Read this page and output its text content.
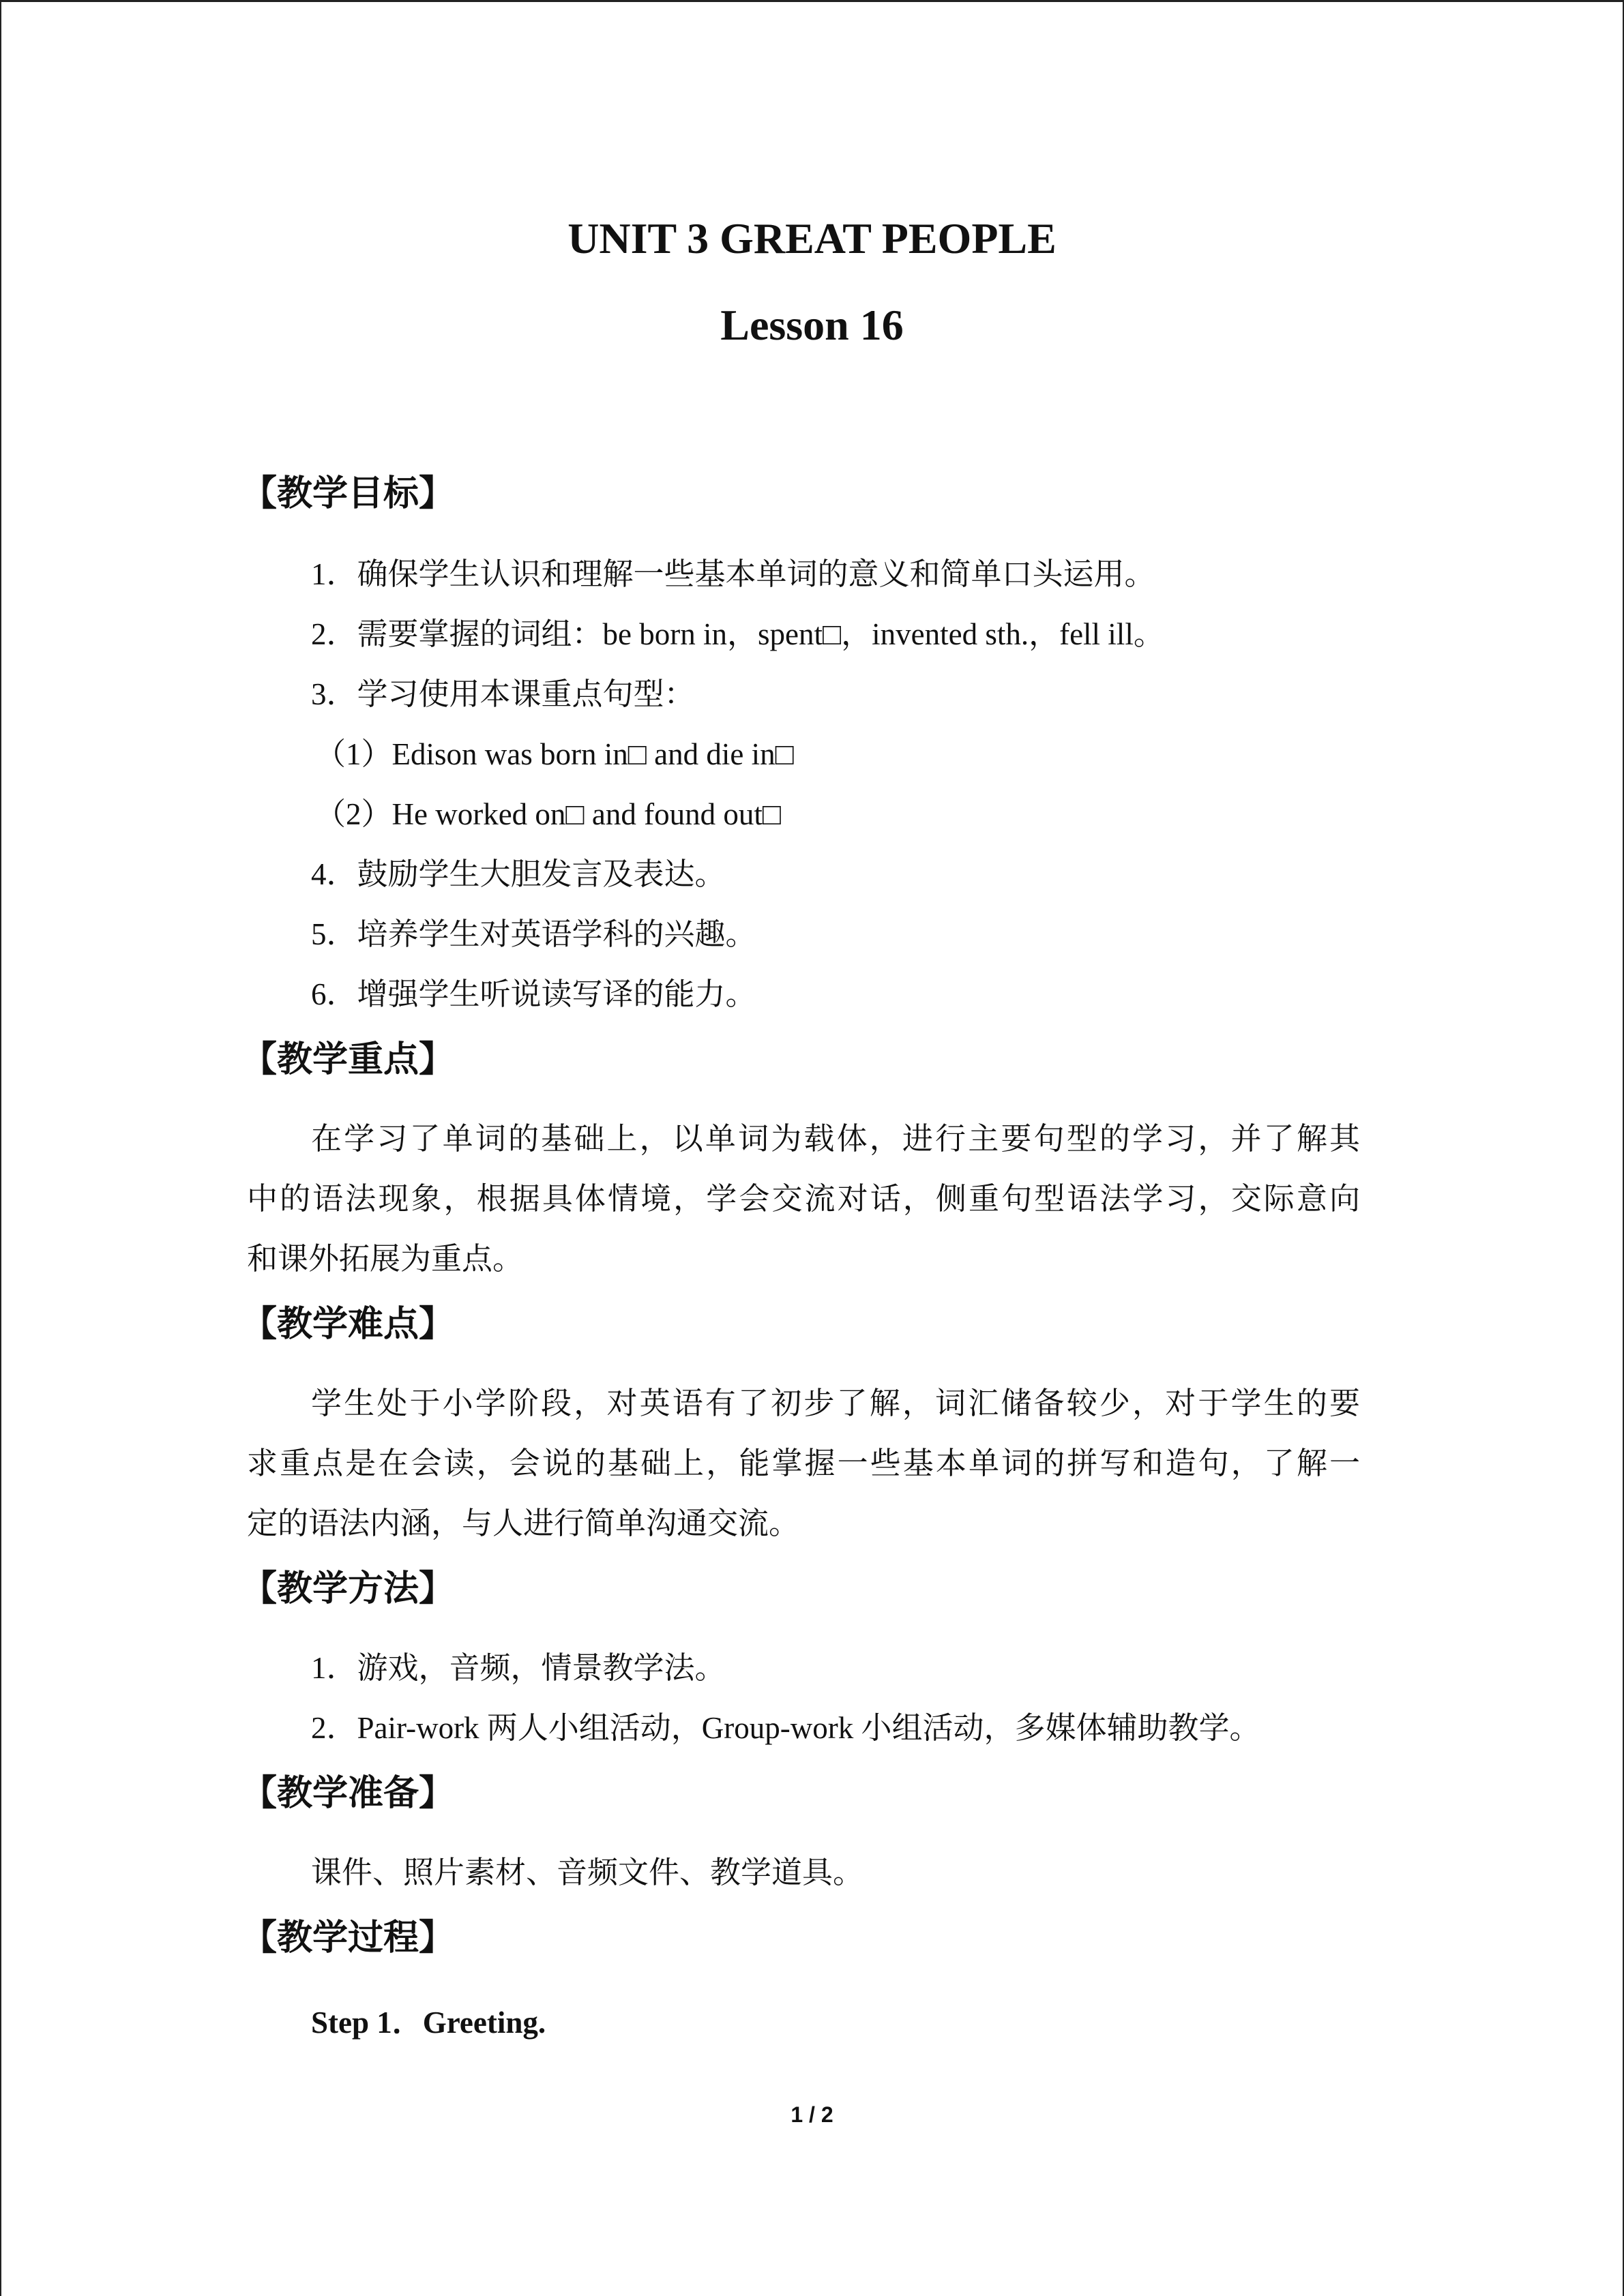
UNIT 3 GREAT PEOPLE
Lesson 16
【教学目标】
1．确保学生认识和理解一些基本单词的意义和简单口头运用。
2．需要掌握的词组：be born in，spent□，invented sth.，fell ill。
3．学习使用本课重点句型：
（1）Edison was born in□ and die in□
（2）He worked on□ and found out□
4．鼓励学生大胆发言及表达。
5．培养学生对英语学科的兴趣。
6．增强学生听说读写译的能力。
【教学重点】
在学习了单词的基础上，以单词为载体，进行主要句型的学习，并了解其
中的语法现象，根据具体情境，学会交流对话，侧重句型语法学习，交际意向
和课外拓展为重点。
【教学难点】
学生处于小学阶段，对英语有了初步了解，词汇储备较少，对于学生的要
求重点是在会读，会说的基础上，能掌握一些基本单词的拼写和造句，了解一
定的语法内涵，与人进行简单沟通交流。
【教学方法】
1．游戏，音频，情景教学法。
2．Pair-work 两人小组活动，Group-work 小组活动，多媒体辅助教学。
【教学准备】
课件、照片素材、音频文件、教学道具。
【教学过程】
Step 1．Greeting.
1 / 2
